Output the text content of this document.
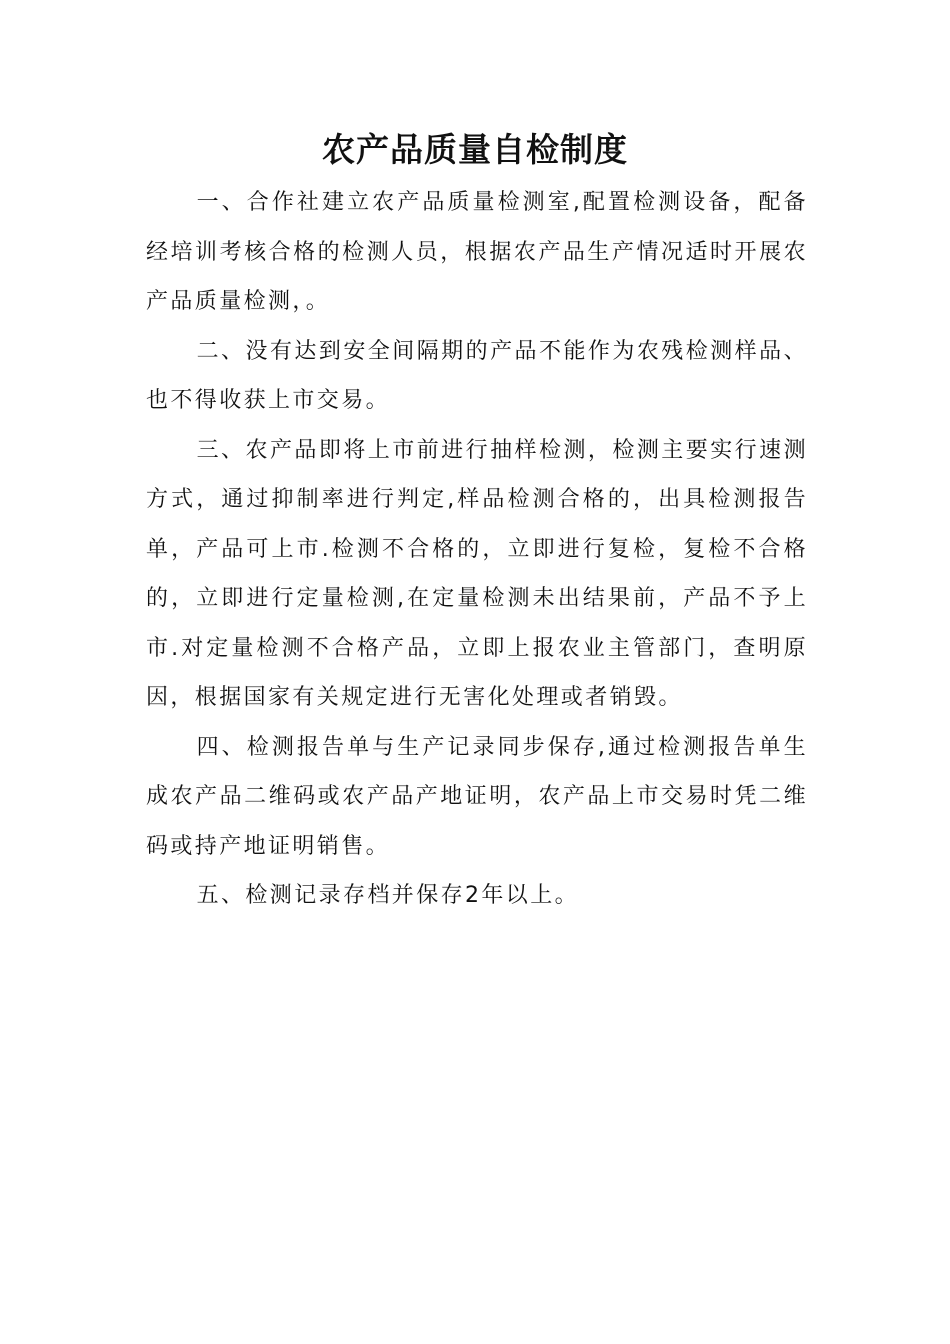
农产品质量自检制度

一、合作社建立农产品质量检测室,配置检测设备，配备经培训考核合格的检测人员，根据农产品生产情况适时开展农产品质量检测，。

二、没有达到安全间隔期的产品不能作为农残检测样品、也不得收获上市交易。

三、农产品即将上市前进行抽样检测，检测主要实行速测方式，通过抑制率进行判定,样品检测合格的，出具检测报告单，产品可上市.检测不合格的，立即进行复检，复检不合格的，立即进行定量检测,在定量检测未出结果前，产品不予上市.对定量检测不合格产品，立即上报农业主管部门，查明原因，根据国家有关规定进行无害化处理或者销毁。

四、检测报告单与生产记录同步保存,通过检测报告单生成农产品二维码或农产品产地证明，农产品上市交易时凭二维码或持产地证明销售。

五、检测记录存档并保存2年以上。
